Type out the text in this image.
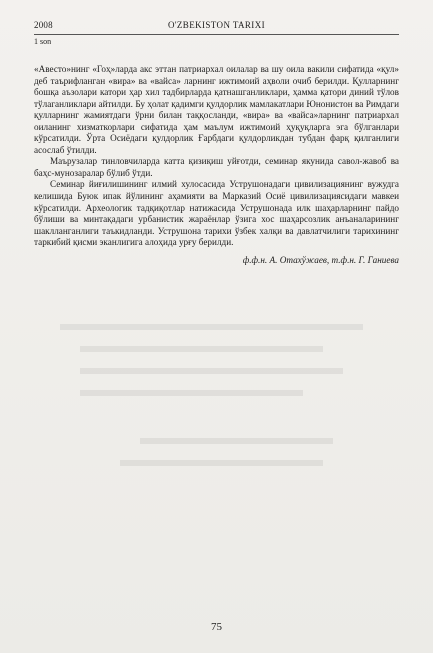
2008	O'ZBEKISTON TARIXI
1 son

«Авесто»нинг «Гоҳ»ларда акс эттан патриархал оилалар ва шу оила вакили сифатида «қул» деб таърифланган «вира» ва «вайса» ларнинг ижтимоий аҳволи очиб берилди. Қулларнинг бошқа аъзолари катори ҳар хил тадбирларда қатнашганликлари, ҳамма қатори диний тўлов тўлаганликлари айтилди. Бу ҳолат қадимги қулдорлик мамлакатлари Юнонистон ва Римдаги қулларнинг жамиятдаги ўрни билан таққосланди, «вира» ва «вайса»ларнинг патриархал оиланинг хизматкорлари сифатида ҳам маълум ижтимоий ҳуқуқларга эга бўлганлари кўрсатилди. Ўрта Осиёдаги қулдорлик Ғарбдаги қулдорликдан тубдан фарқ қилганлиги асослаб ўтилди.

Маърузалар тинловчиларда катта қизиқиш уйғотди, семинар якунида савол-жавоб ва баҳс-мунозаралар бўлиб ўтди.

Семинар йиғилишининг илмий хулосасида Уструшонадаги цивилизациянинг вужудга келишида Буюк ипак йўлининг аҳамияти ва Марказий Осиё цивилизациясидаги мавкеи кўрсатилди. Археологик тадқиқотлар натижасида Уструшонада илк шаҳарларнинг пайдо бўлиши ва минтақадаги урбанистик жараёнлар ўзига хос шаҳарсозлик анъаналарининг шаклланганлиги таъкидланди. Уструшона тарихи ўзбек халқи ва давлатчилиги тарихининг таркибий қисми эканлигига алоҳида урғу берилди.

ф.ф.н. А. Отахўжаев, т.ф.н. Г. Ганиева
75
